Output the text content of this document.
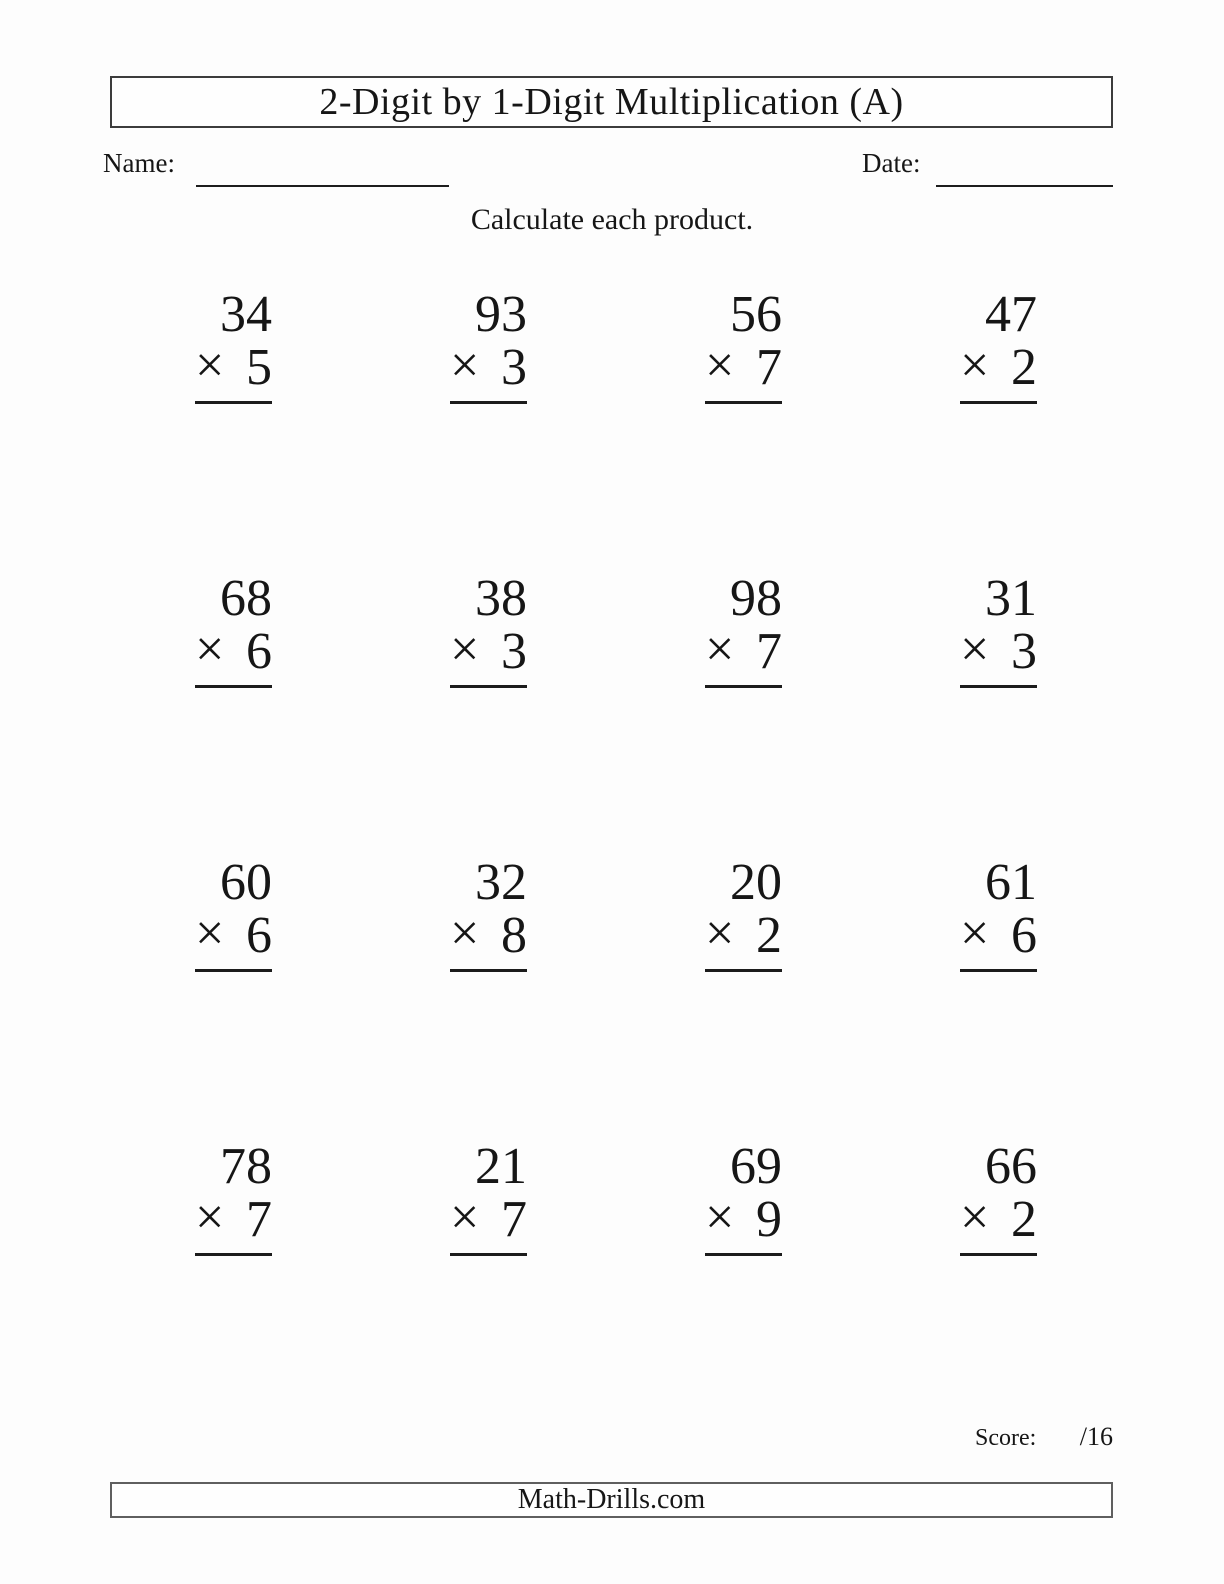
2-Digit by 1-Digit Multiplication (A)
Name:	Date:
Calculate each product.
34
× 5
93
× 3
56
× 7
47
× 2
68
× 6
38
× 3
98
× 7
31
× 3
60
× 6
32
× 8
20
× 2
61
× 6
78
× 7
21
× 7
69
× 9
66
× 2
Score: /16
Math-Drills.com
